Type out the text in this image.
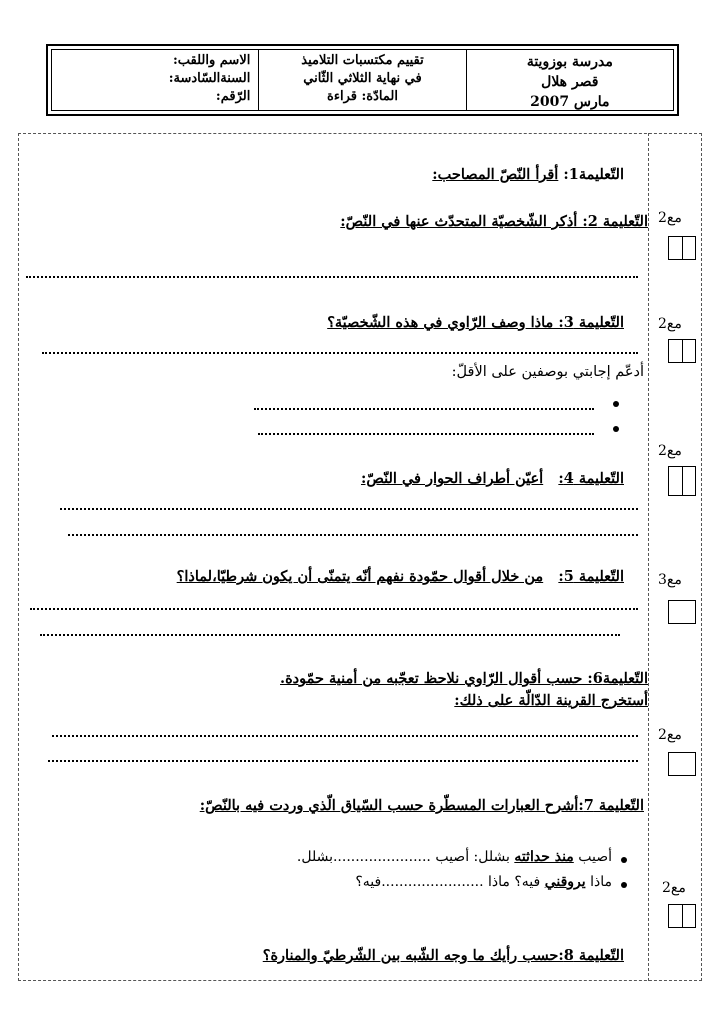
مدرسة بوزويتة
قصر هلال
مارس 2007
تقييم مكتسبات التلاميذ
في نهاية الثلاثي الثّاني
المادّة: قراءة
الاسم واللقب:
السنةالسّادسة:
الرّقم:
التّعليمة1: أقرأ النّصّ المصاحب:
التّعليمة 2: أذكر الشّخصيّة المتحدّث عنها في النّصّ: مع2
التّعليمة 3: ماذا وصف الرّاوي في هذه الشّخصيّة؟ مع2
أدعّم إجابتي بوصفين على الأقلّ:
مع2
التّعليمة 4:   أعيّن أطراف الحوار في النّصّ:
التّعليمة 5:   من خلال أقوال حمّودة نفهم أنّه يتمنّى أن يكون شرطيّا،لماذا؟	مع3
التّعليمة6: حسب أقوال الرّاوي نلاحظ تعجّبه من أمنية حمّودة.
أستخرج القرينة الدّالّة على ذلك:
مع2
التّعليمة 7:أشرح العبارات المسطّرة حسب السّياق الّذي وردت فيه بالنّصّ:
أصيب منذ حداثته بشلل: أصيب ......................بشلل.
ماذا يروقني فيه؟ ماذا .......................فيه؟	مع2
التّعليمة 8:حسب رأيك ما وجه الشّبه بين الشّرطيّ والمنارة؟
